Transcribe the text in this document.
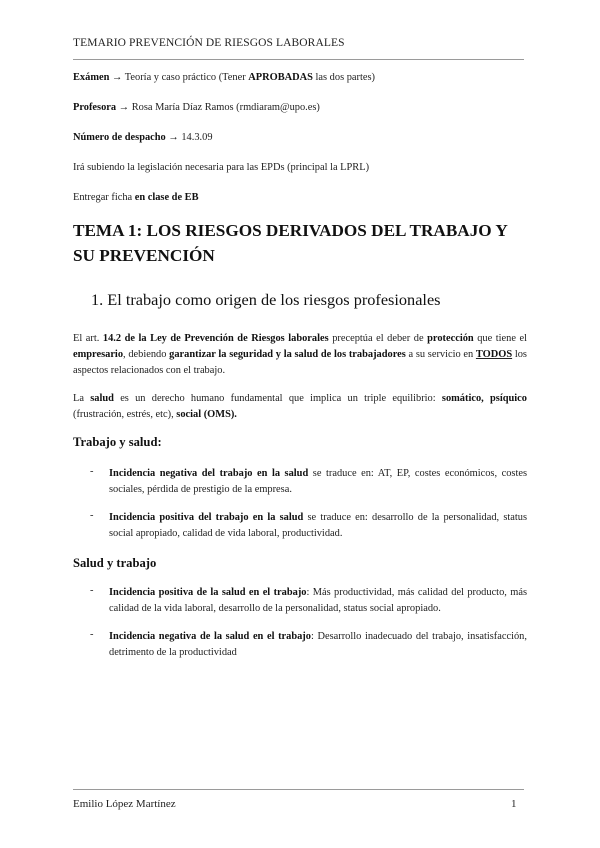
TEMARIO PREVENCIÓN DE RIESGOS LABORALES
Exámen → Teoría y caso práctico (Tener APROBADAS las dos partes)
Profesora → Rosa María Díaz Ramos (rmdiaram@upo.es)
Número de despacho → 14.3.09
Irá subiendo la legislación necesaria para las EPDs (principal la LPRL)
Entregar ficha en clase de EB
TEMA 1: LOS RIESGOS DERIVADOS DEL TRABAJO Y SU PREVENCIÓN
1. El trabajo como origen de los riesgos profesionales
El art. 14.2 de la Ley de Prevención de Riesgos laborales preceptúa el deber de protección que tiene el empresario, debiendo garantizar la seguridad y la salud de los trabajadores a su servicio en TODOS los aspectos relacionados con el trabajo.
La salud es un derecho humano fundamental que implica un triple equilibrio: somático, psíquico (frustración, estrés, etc), social (OMS).
Trabajo y salud:
- Incidencia negativa del trabajo en la salud se traduce en: AT, EP, costes económicos, costes sociales, pérdida de prestigio de la empresa.
- Incidencia positiva del trabajo en la salud se traduce en: desarrollo de la personalidad, status social apropiado, calidad de vida laboral, productividad.
Salud y trabajo
- Incidencia positiva de la salud en el trabajo: Más productividad, más calidad del producto, más calidad de la vida laboral, desarrollo de la personalidad, status social apropiado.
- Incidencia negativa de la salud en el trabajo: Desarrollo inadecuado del trabajo, insatisfacción, detrimento de la productividad
Emilio López Martínez	1
